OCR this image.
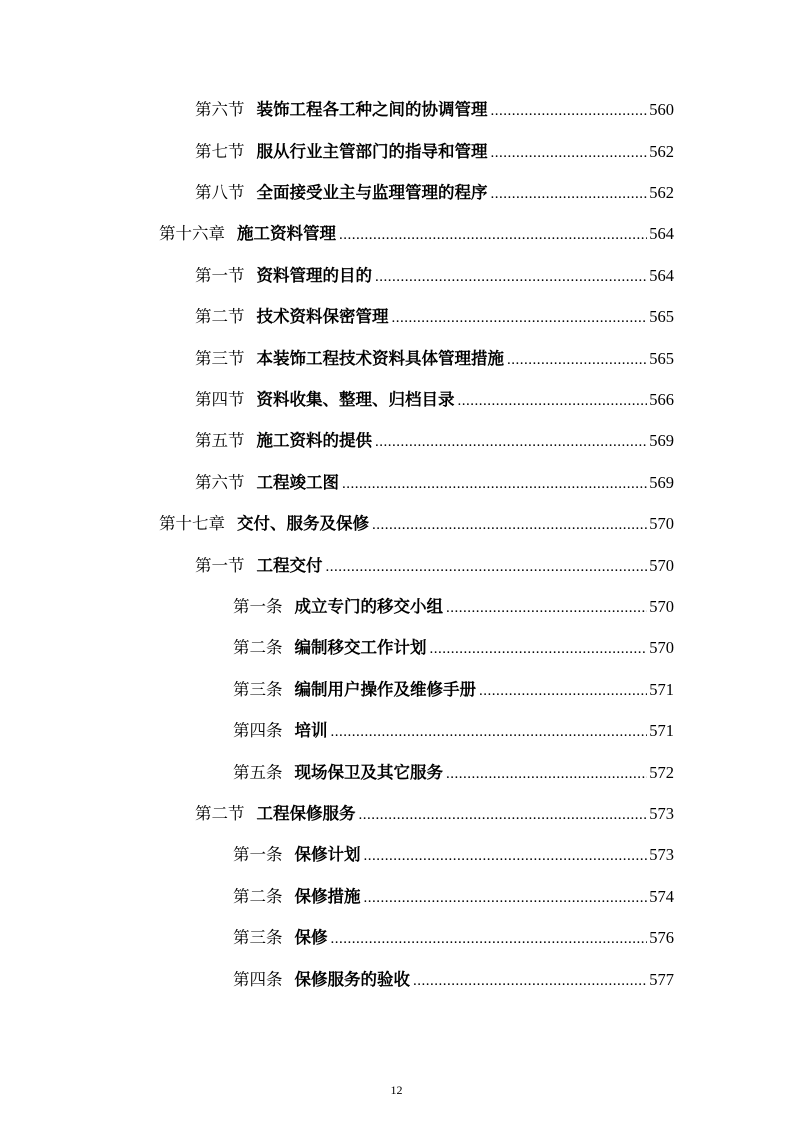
第六节 装饰工程各工种之间的协调管理 .....	560
第七节 服从行业主管部门的指导和管理 .....	562
第八节 全面接受业主与监理管理的程序 .....	562
第十六章 施工资料管理 .....	564
第一节 资料管理的目的 .....	564
第二节 技术资料保密管理 .....	565
第三节 本装饰工程技术资料具体管理措施 .....	565
第四节 资料收集、整理、归档目录 .....	566
第五节 施工资料的提供 .....	569
第六节 工程竣工图 .....	569
第十七章 交付、服务及保修 .....	570
第一节 工程交付 .....	570
第一条 成立专门的移交小组 .....	570
第二条 编制移交工作计划 .....	570
第三条 编制用户操作及维修手册 .....	571
第四条 培训 .....	571
第五条 现场保卫及其它服务 .....	572
第二节 工程保修服务 .....	573
第一条 保修计划 .....	573
第二条 保修措施 .....	574
第三条 保修 .....	576
第四条 保修服务的验收 .....	577
12
